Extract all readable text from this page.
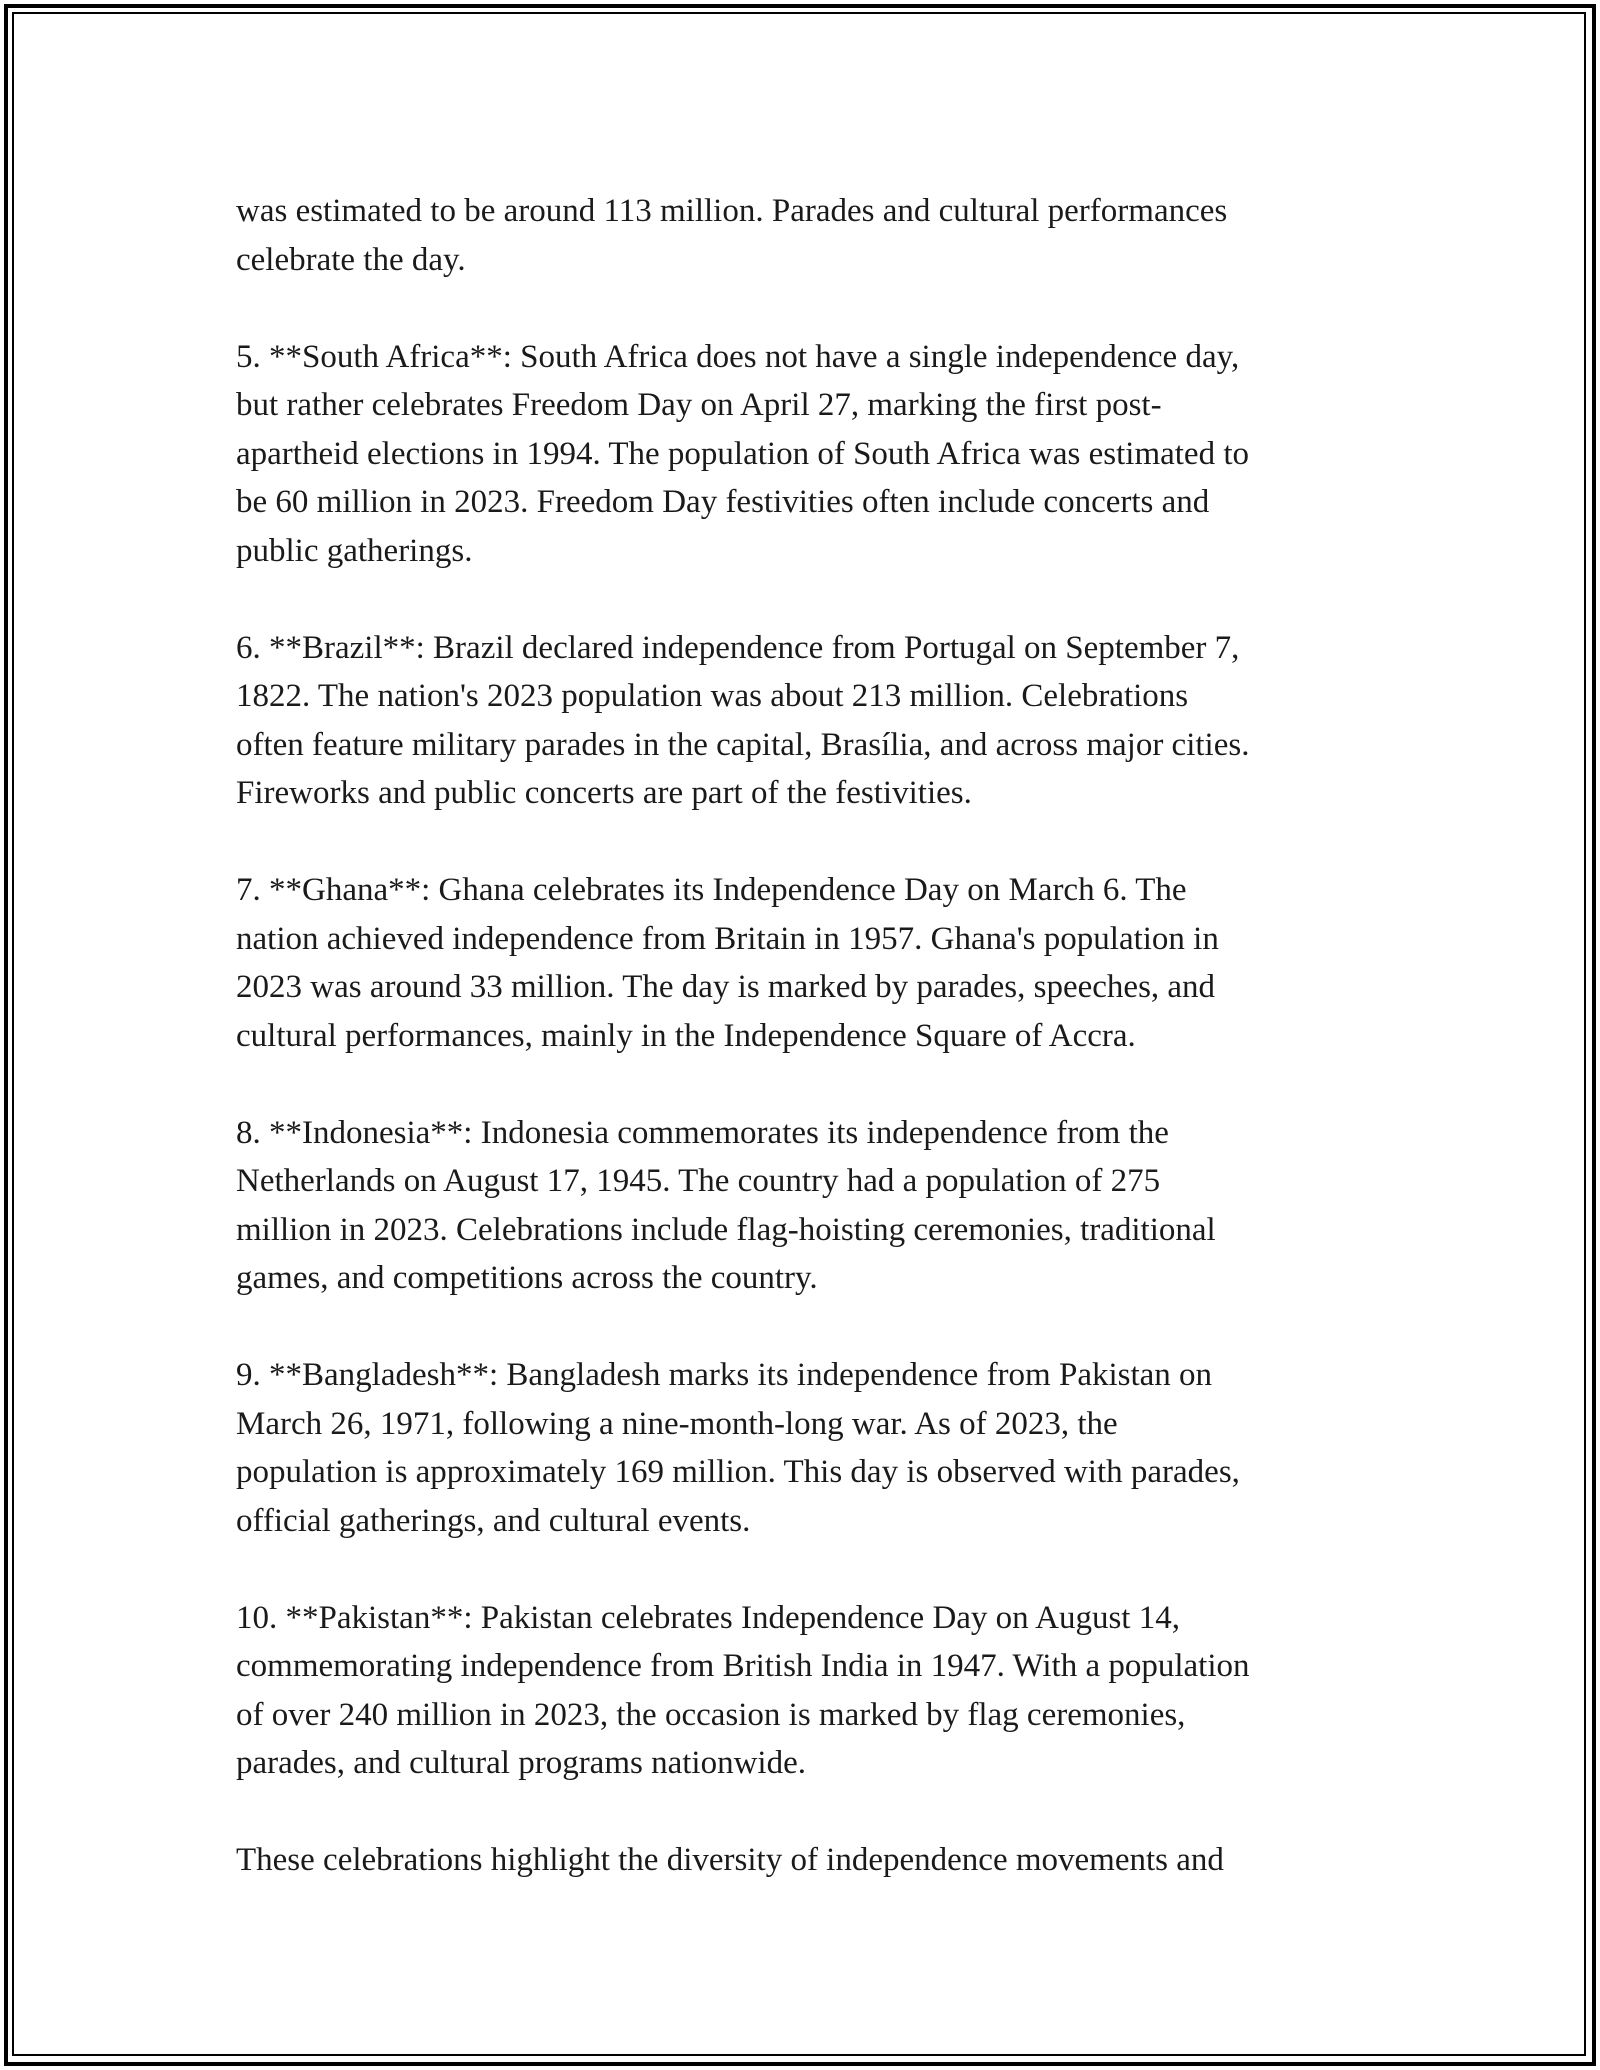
was estimated to be around 113 million. Parades and cultural performances
celebrate the day.

5. **South Africa**: South Africa does not have a single independence day,
but rather celebrates Freedom Day on April 27, marking the first post-
apartheid elections in 1994. The population of South Africa was estimated to
be 60 million in 2023. Freedom Day festivities often include concerts and
public gatherings.

6. **Brazil**: Brazil declared independence from Portugal on September 7,
1822. The nation's 2023 population was about 213 million. Celebrations
often feature military parades in the capital, Brasília, and across major cities.
Fireworks and public concerts are part of the festivities.

7. **Ghana**: Ghana celebrates its Independence Day on March 6. The
nation achieved independence from Britain in 1957. Ghana's population in
2023 was around 33 million. The day is marked by parades, speeches, and
cultural performances, mainly in the Independence Square of Accra.

8. **Indonesia**: Indonesia commemorates its independence from the
Netherlands on August 17, 1945. The country had a population of 275
million in 2023. Celebrations include flag-hoisting ceremonies, traditional
games, and competitions across the country.

9. **Bangladesh**: Bangladesh marks its independence from Pakistan on
March 26, 1971, following a nine-month-long war. As of 2023, the
population is approximately 169 million. This day is observed with parades,
official gatherings, and cultural events.

10. **Pakistan**: Pakistan celebrates Independence Day on August 14,
commemorating independence from British India in 1947. With a population
of over 240 million in 2023, the occasion is marked by flag ceremonies,
parades, and cultural programs nationwide.

These celebrations highlight the diversity of independence movements and
